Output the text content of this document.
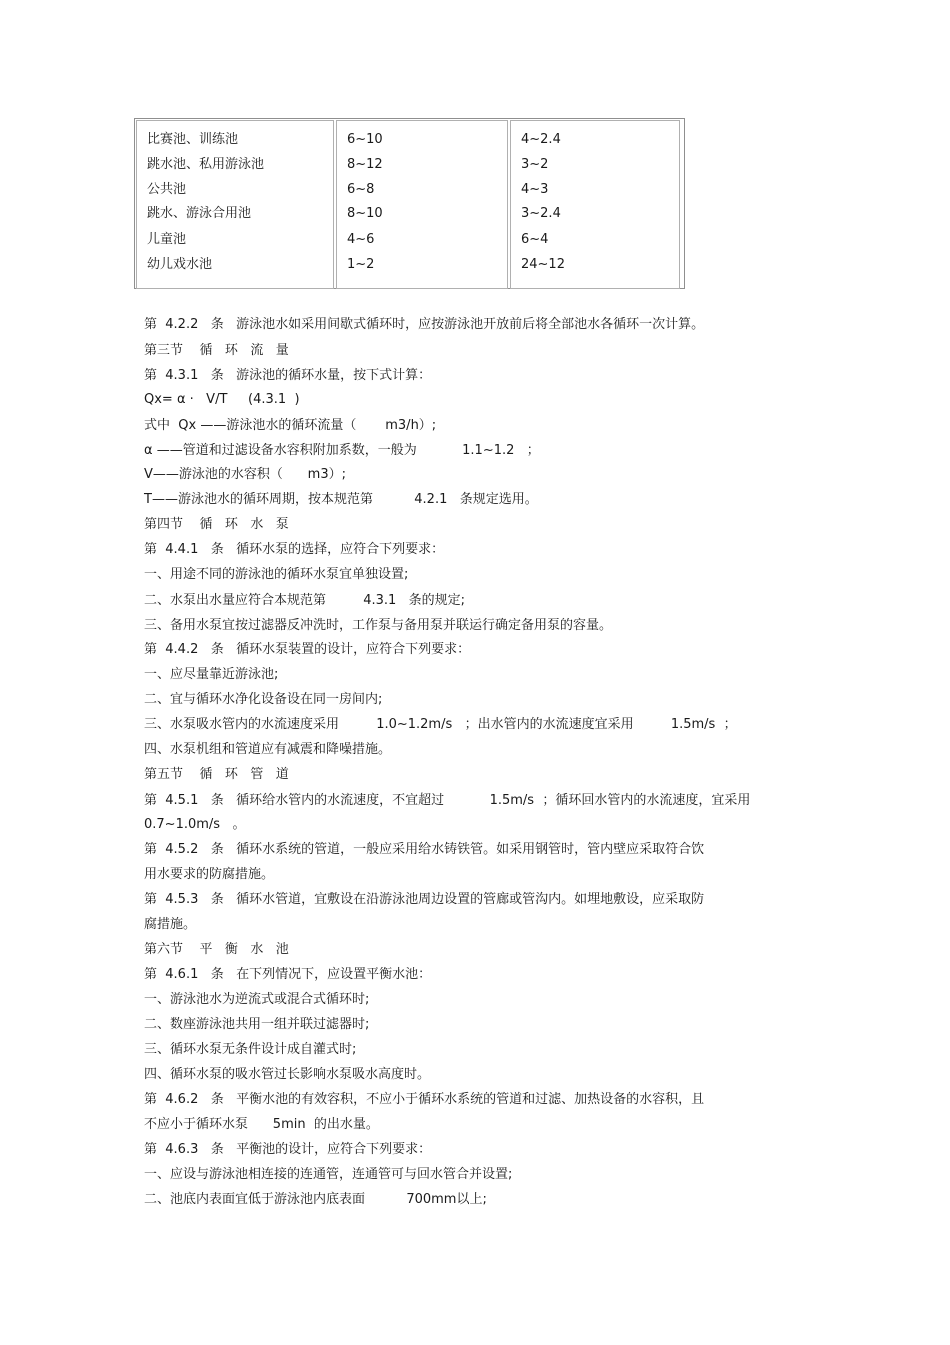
比赛池、训练池
跳水池、私用游泳池
公共池
跳水、游泳合用池
儿童池
幼儿戏水池
6~10
8~12
6~8
8~10
4~6
1~2
4~2.4
3~2
4~3
3~2.4
6~4
24~12
第  4.2.2   条   游泳池水如采用间歇式循环时，应按游泳池开放前后将全部池水各循环一次计算。
第三节    循   环   流   量
第  4.3.1   条   游泳池的循环水量，按下式计算：
Qx= α ·   V/T     (4.3.1  )
式中  Qx ——游泳池水的循环流量（       m3/h）;
α ——管道和过滤设备水容积附加系数，一般为           1.1~1.2   ；
V——游泳池的水容积（      m3）;
T——游泳池水的循环周期，按本规范第          4.2.1   条规定选用。
第四节    循   环   水   泵
第  4.4.1   条   循环水泵的选择，应符合下列要求：
一、用途不同的游泳池的循环水泵宜单独设置;
二、水泵出水量应符合本规范第         4.3.1   条的规定;
三、备用水泵宜按过滤器反冲洗时，工作泵与备用泵并联运行确定备用泵的容量。
第  4.4.2   条   循环水泵装置的设计，应符合下列要求：
一、应尽量靠近游泳池;
二、宜与循环水净化设备设在同一房间内;
三、水泵吸水管内的水流速度采用         1.0~1.2m/s   ；出水管内的水流速度宜采用         1.5m/s  ；
四、水泵机组和管道应有减震和降噪措施。
第五节    循   环   管   道
第  4.5.1   条   循环给水管内的水流速度，不宜超过           1.5m/s  ；循环回水管内的水流速度，宜采用
0.7~1.0m/s   。
第  4.5.2   条   循环水系统的管道，一般应采用给水铸铁管。如采用钢管时，管内壁应采取符合饮
用水要求的防腐措施。
第  4.5.3   条   循环水管道，宜敷设在沿游泳池周边设置的管廊或管沟内。如埋地敷设，应采取防
腐措施。
第六节    平   衡   水   池
第  4.6.1   条   在下列情况下，应设置平衡水池：
一、游泳池水为逆流式或混合式循环时;
二、数座游泳池共用一组并联过滤器时;
三、循环水泵无条件设计成自灌式时;
四、循环水泵的吸水管过长影响水泵吸水高度时。
第  4.6.2   条   平衡水池的有效容积，不应小于循环水系统的管道和过滤、加热设备的水容积，且
不应小于循环水泵      5min  的出水量。
第  4.6.3   条   平衡池的设计，应符合下列要求：
一、应设与游泳池相连接的连通管，连通管可与回水管合并设置;
二、池底内表面宜低于游泳池内底表面          700mm以上;
